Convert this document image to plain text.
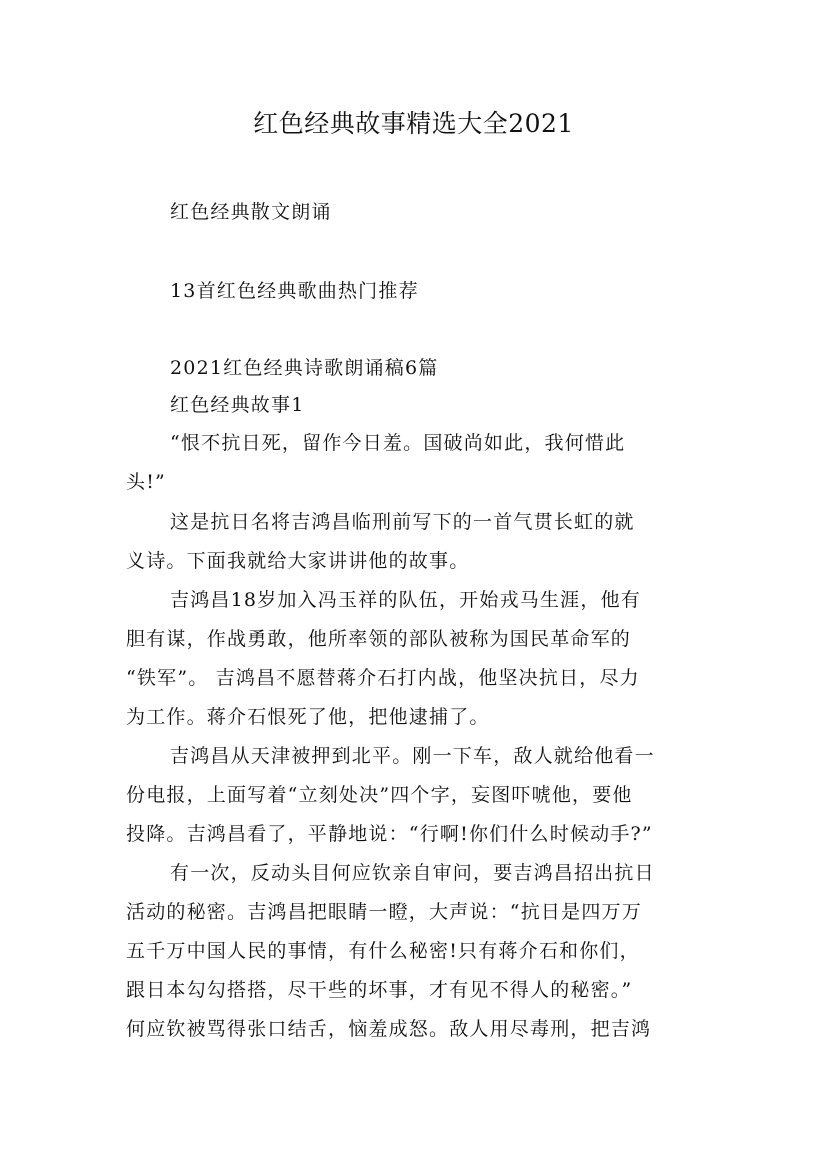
红色经典故事精选大全2021
红色经典散文朗诵
13首红色经典歌曲热门推荐
2021红色经典诗歌朗诵稿6篇
红色经典故事1
“恨不抗日死，留作今日羞。国破尚如此，我何惜此
头!”
这是抗日名将吉鸿昌临刑前写下的一首气贯长虹的就
义诗。下面我就给大家讲讲他的故事。
吉鸿昌18岁加入冯玉祥的队伍，开始戎马生涯，他有
胆有谋，作战勇敢，他所率领的部队被称为国民革命军的
“铁军”。 吉鸿昌不愿替蒋介石打内战，他坚决抗日，尽力
为工作。蒋介石恨死了他，把他逮捕了。
吉鸿昌从天津被押到北平。刚一下车，敌人就给他看一
份电报，上面写着“立刻处决”四个字，妄图吓唬他，要他
投降。吉鸿昌看了，平静地说：“行啊!你们什么时候动手?”
有一次，反动头目何应钦亲自审问，要吉鸿昌招出抗日
活动的秘密。吉鸿昌把眼睛一瞪，大声说：“抗日是四万万
五千万中国人民的事情，有什么秘密!只有蒋介石和你们，
跟日本勾勾搭搭，尽干些的坏事，才有见不得人的秘密。”
何应钦被骂得张口结舌，恼羞成怒。敌人用尽毒刑，把吉鸿
